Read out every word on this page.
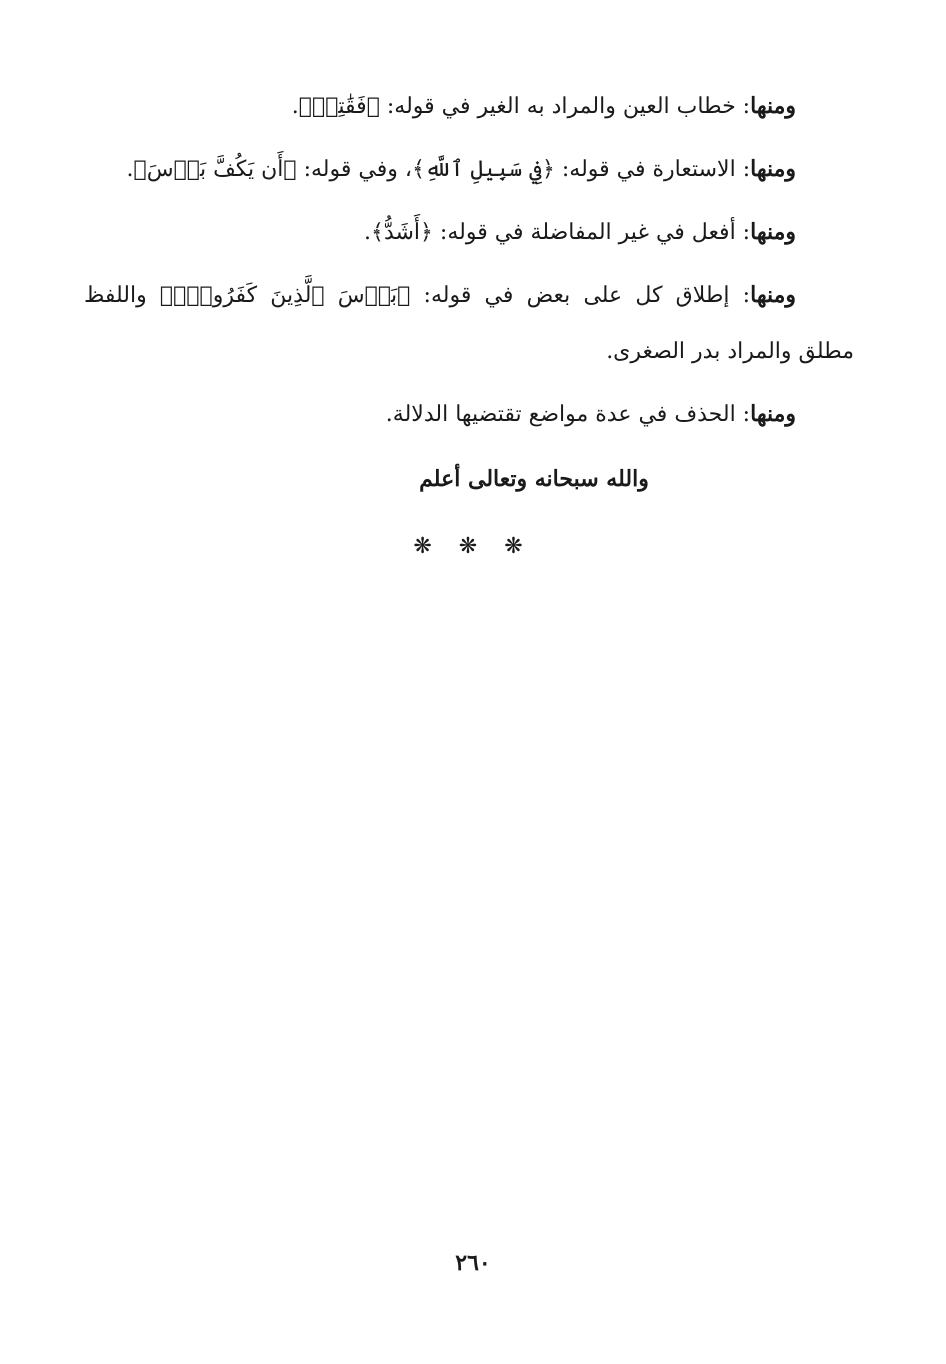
ومنها: خطاب العين والمراد به الغير في قوله: ﴿فَقَٰتِلۡ﴾.

ومنها: الاستعارة في قوله: ﴿فِي سَبِيلِ ٱللَّهِ﴾، وفي قوله: ﴿أَن يَكُفَّ بَأۡسَ﴾.

ومنها: أفعل في غير المفاضلة في قوله: ﴿أَشَدُّ﴾.

ومنها: إطلاق كل على بعض في قوله: ﴿بَأۡسَ ٱلَّذِينَ كَفَرُواْۚ﴾ واللفظ مطلق والمراد بدر الصغرى.

ومنها: الحذف في عدة مواضع تقتضيها الدلالة.

والله سبحانه وتعالى أعلم

❋ ❋ ❋
٢٦٠
